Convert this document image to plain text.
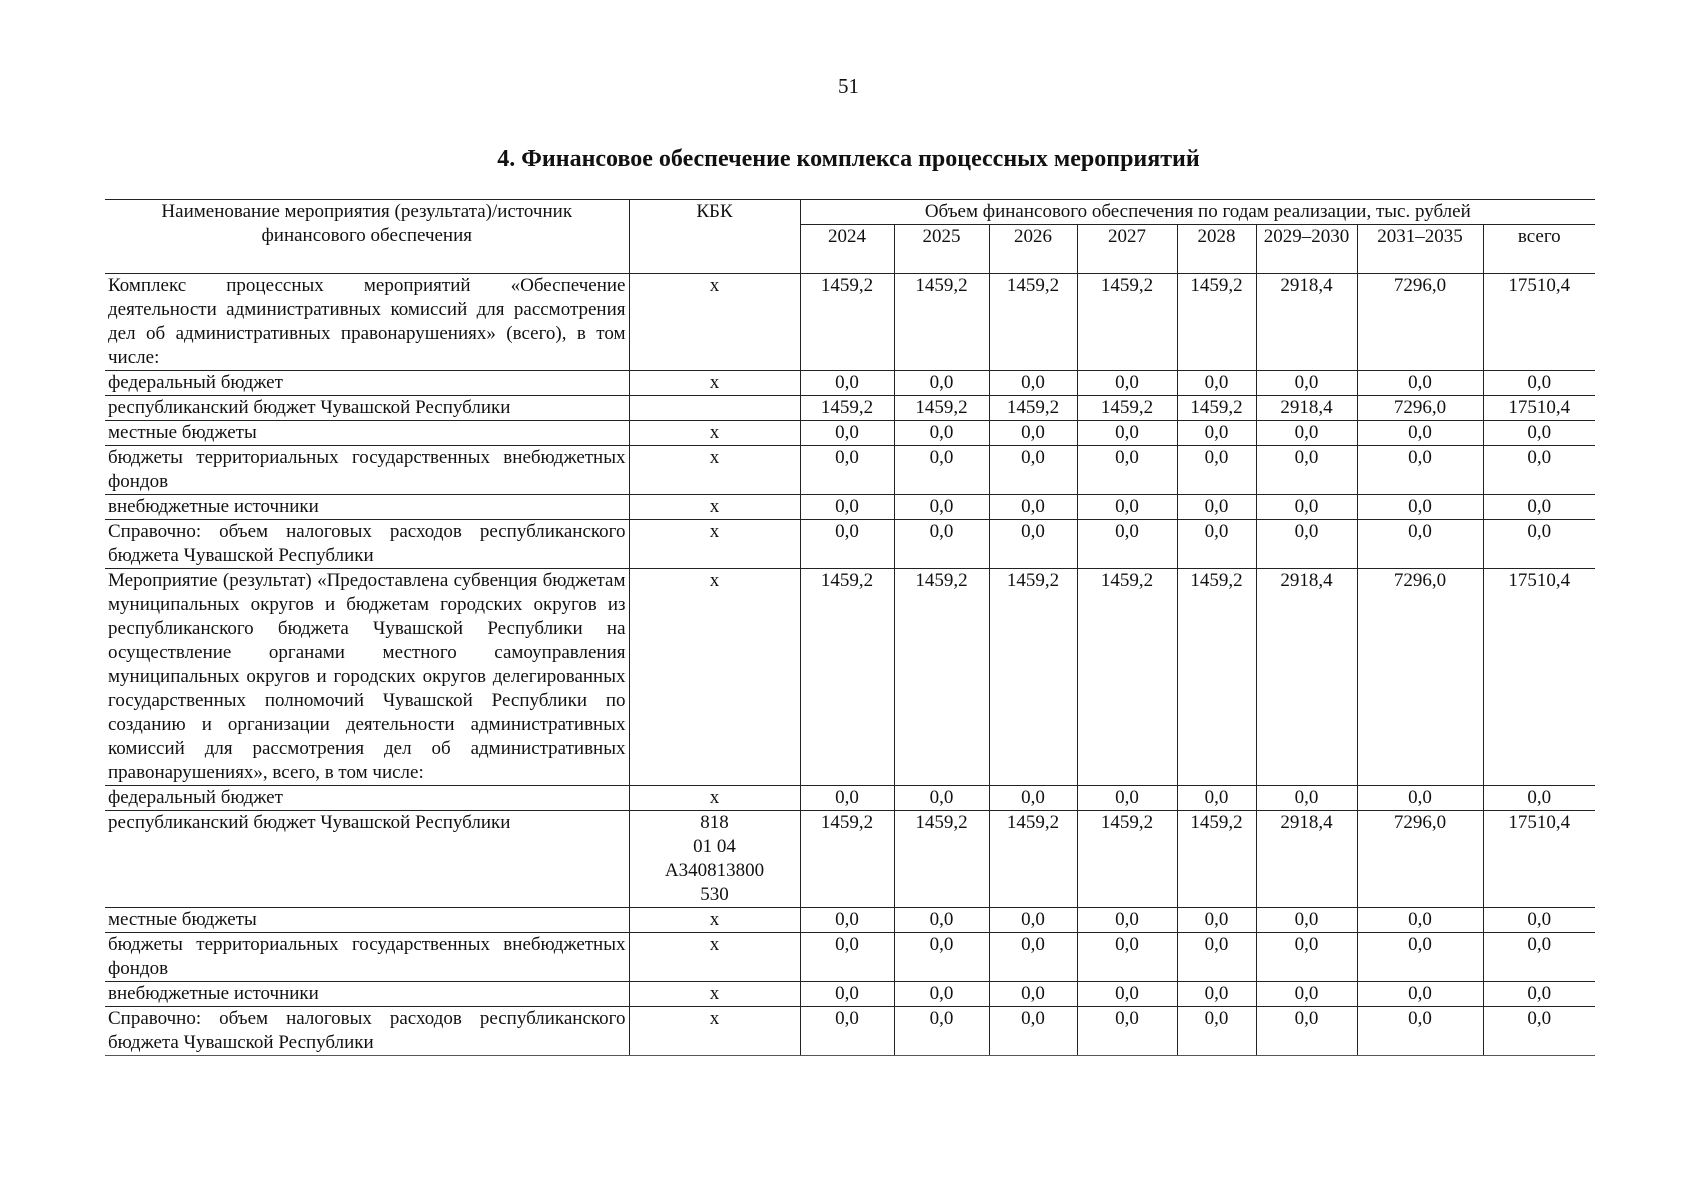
51
4. Финансовое обеспечение комплекса процессных мероприятий
Наименование мероприятия (результата)/источник финансового обеспечения	КБК	Объем финансового обеспечения по годам реализации, тыс. рублей							
		2024	2025	2026	2027	2028	2029–2030	2031–2035	всего
Комплекс процессных мероприятий «Обеспечение деятельности административных комиссий для рассмотрения дел об административных правонарушениях» (всего), в том числе:	x	1459,2	1459,2	1459,2	1459,2	1459,2	2918,4	7296,0	17510,4
федеральный бюджет	x	0,0	0,0	0,0	0,0	0,0	0,0	0,0	0,0
республиканский бюджет Чувашской Республики		1459,2	1459,2	1459,2	1459,2	1459,2	2918,4	7296,0	17510,4
местные бюджеты	x	0,0	0,0	0,0	0,0	0,0	0,0	0,0	0,0
бюджеты территориальных государственных внебюджетных фондов	x	0,0	0,0	0,0	0,0	0,0	0,0	0,0	0,0
внебюджетные источники	x	0,0	0,0	0,0	0,0	0,0	0,0	0,0	0,0
Справочно: объем налоговых расходов республиканского бюджета Чувашской Республики	x	0,0	0,0	0,0	0,0	0,0	0,0	0,0	0,0
Мероприятие (результат) «Предоставлена субвенция бюджетам муниципальных округов и бюджетам городских округов из республиканского бюджета Чувашской Республики на осуществление органами местного самоуправления муниципальных округов и городских округов делегированных государственных полномочий Чувашской Республики по созданию и организации деятельности административных комиссий для рассмотрения дел об административных правонарушениях», всего, в том числе:	x	1459,2	1459,2	1459,2	1459,2	1459,2	2918,4	7296,0	17510,4
федеральный бюджет	x	0,0	0,0	0,0	0,0	0,0	0,0	0,0	0,0
республиканский бюджет Чувашской Республики	818
01 04
А340813800
530	1459,2	1459,2	1459,2	1459,2	1459,2	2918,4	7296,0	17510,4
местные бюджеты	x	0,0	0,0	0,0	0,0	0,0	0,0	0,0	0,0
бюджеты территориальных государственных внебюджетных фондов	x	0,0	0,0	0,0	0,0	0,0	0,0	0,0	0,0
внебюджетные источники	x	0,0	0,0	0,0	0,0	0,0	0,0	0,0	0,0
Справочно: объем налоговых расходов республиканского бюджета Чувашской Республики	x	0,0	0,0	0,0	0,0	0,0	0,0	0,0	0,0
